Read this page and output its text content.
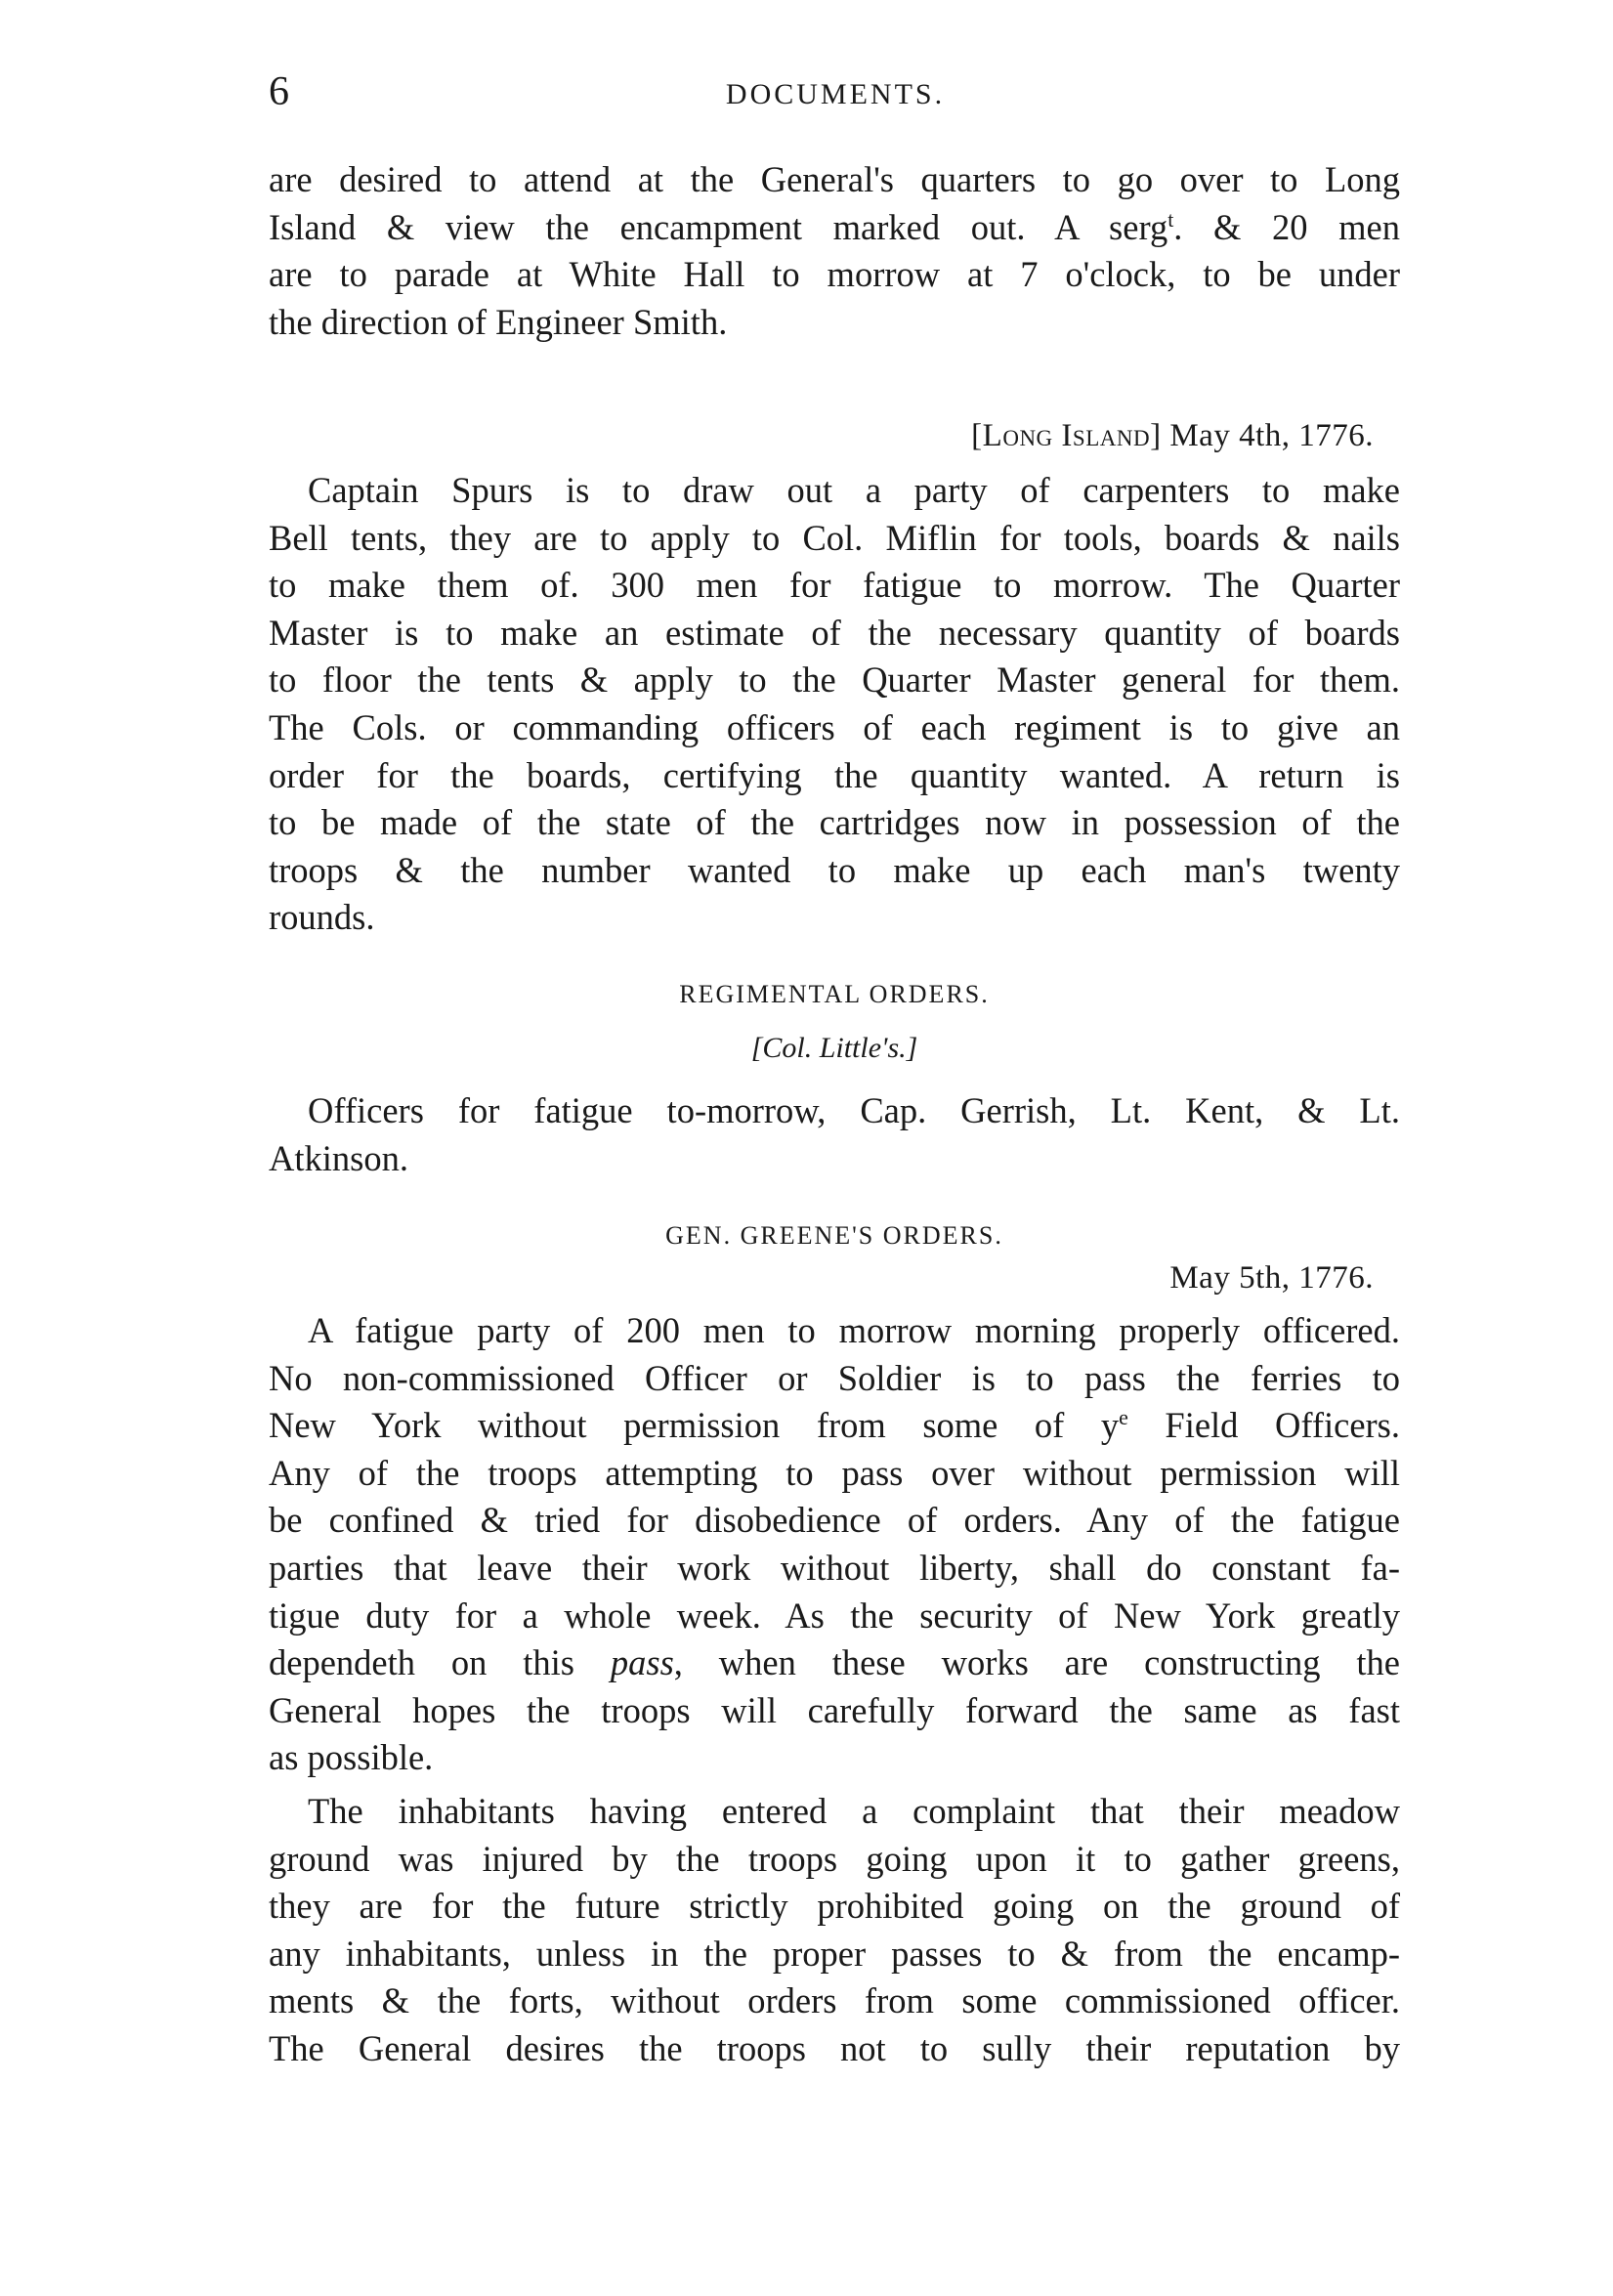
6	DOCUMENTS.
are desired to attend at the General's quarters to go over to Long
Island & view the encampment marked out. A serg$^t$. & 20 men
are to parade at White Hall to morrow at 7 o'clock, to be under
the direction of Engineer Smith.
[Long Island] May 4th, 1776.
Captain Spurs is to draw out a party of carpenters to make
Bell tents, they are to apply to Col. Miflin for tools, boards & nails
to make them of. 300 men for fatigue to morrow. The Quarter
Master is to make an estimate of the necessary quantity of boards
to floor the tents & apply to the Quarter Master general for them.
The Cols. or commanding officers of each regiment is to give an
order for the boards, certifying the quantity wanted. A return is
to be made of the state of the cartridges now in possession of the
troops & the number wanted to make up each man's twenty
rounds.
REGIMENTAL ORDERS.
[Col. Little's.]
Officers for fatigue to-morrow, Cap. Gerrish, Lt. Kent, & Lt.
Atkinson.
GEN. GREENE'S ORDERS.
May 5th, 1776.
A fatigue party of 200 men to morrow morning properly officered.
No non-commissioned Officer or Soldier is to pass the ferries to
New York without permission from some of $y^e$ Field Officers.
Any of the troops attempting to pass over without permission will
be confined & tried for disobedience of orders. Any of the fatigue
parties that leave their work without liberty, shall do constant fa-
tigue duty for a whole week. As the security of New York greatly
dependeth on this pass, when these works are constructing the
General hopes the troops will carefully forward the same as fast
as possible.
The inhabitants having entered a complaint that their meadow
ground was injured by the troops going upon it to gather greens,
they are for the future strictly prohibited going on the ground of
any inhabitants, unless in the proper passes to & from the encamp-
ments & the forts, without orders from some commissioned officer.
The General desires the troops not to sully their reputation by
